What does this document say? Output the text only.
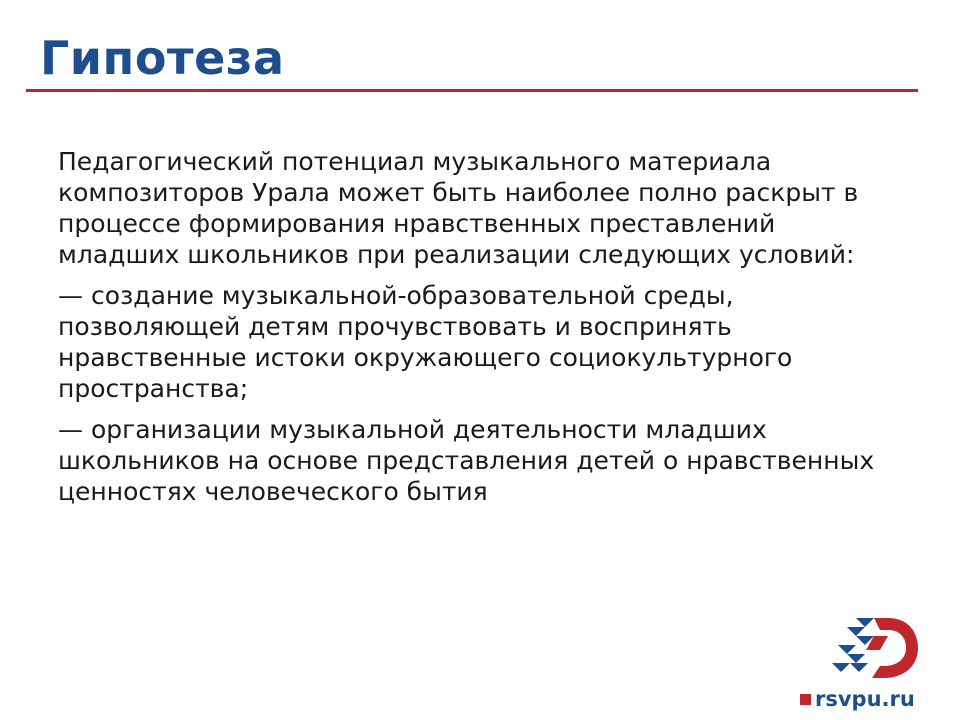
Гипотеза

Педагогический потенциал музыкального материала композиторов Урала может быть наиболее полно раскрыт в процессе формирования нравственных преставлений младших школьников при реализации следующих условий:

— создание музыкальной-образовательной среды, позволяющей детям прочувствовать и воспринять нравственные истоки окружающего социокультурного пространства;

— организации музыкальной деятельности младших школьников на основе представления детей о нравственных ценностях человеческого бытия

rsvpu.ru
